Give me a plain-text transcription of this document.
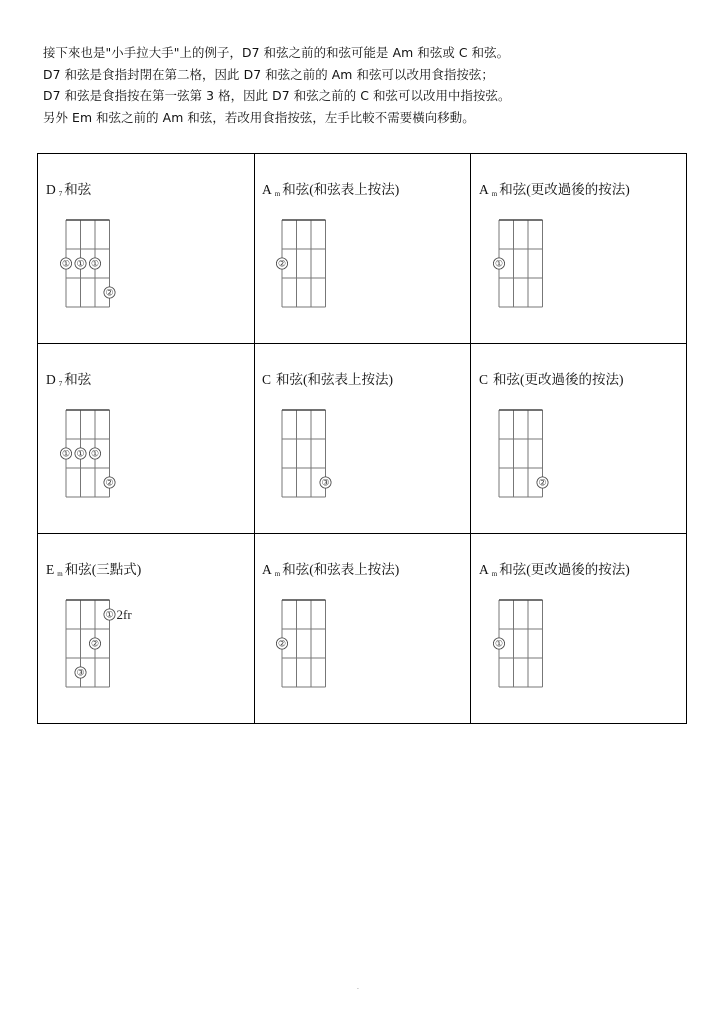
接下來也是"小手拉大手"上的例子，D7 和弦之前的和弦可能是 Am 和弦或 C 和弦。

D7 和弦是食指封閉在第二格，因此 D7 和弦之前的 Am 和弦可以改用食指按弦；

D7 和弦是食指按在第一弦第 3 格，因此 D7 和弦之前的 C 和弦可以改用中指按弦。

另外 Em 和弦之前的 Am 和弦，若改用食指按弦，左手比較不需要橫向移動。

D 7 和弦
① ① ①
②
Am 和弦(和弦表上按法)
②
Am 和弦(更改過後的按法)
①
D 7 和弦
① ① ①
②
C 和弦(和弦表上按法)
③
C 和弦(更改過後的按法)
②
Em 和弦(三點式)
①
②
③
2fr
Am 和弦(和弦表上按法)
②
Am 和弦(更改過後的按法)
①
.
